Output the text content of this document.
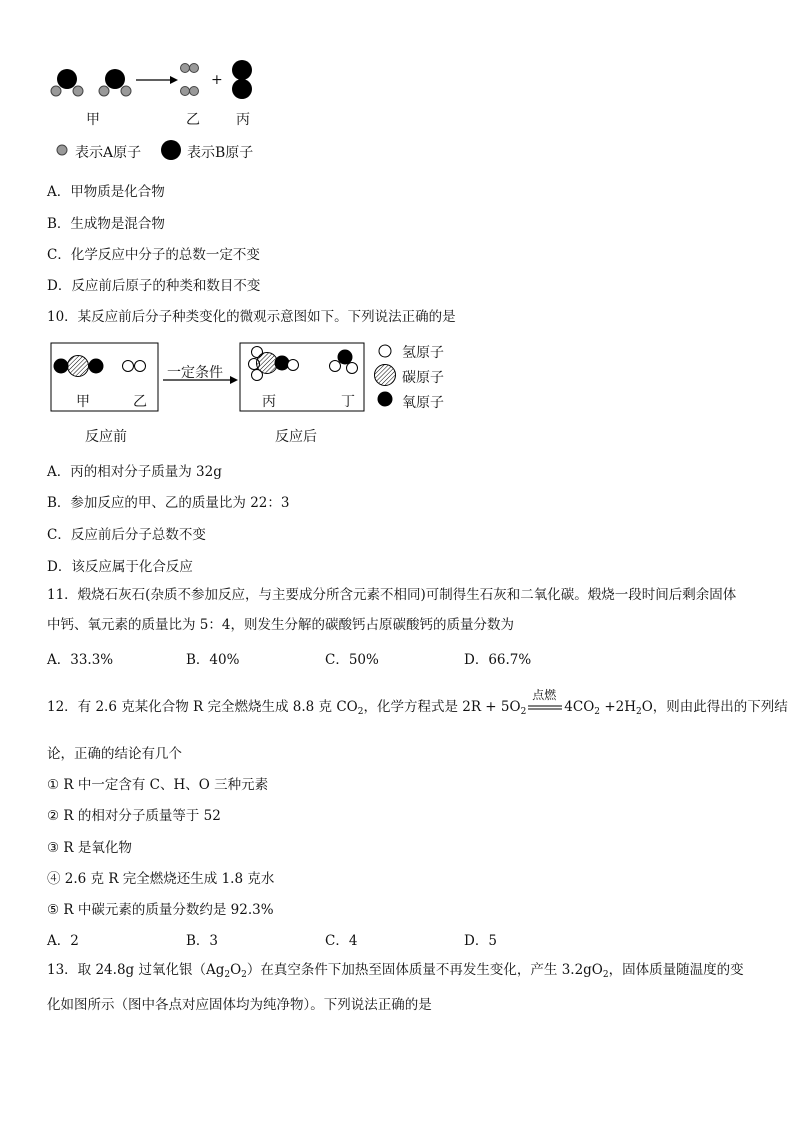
+
甲	乙	丙
表示A原子	表示B原子
A．甲物质是化合物
B．生成物是混合物
C．化学反应中分子的总数一定不变
D．反应前后原子的种类和数目不变
10．某反应前后分子种类变化的微观示意图如下。下列说法正确的是
甲	乙
一定条件
丙	丁
氢原子
碳原子
氧原子
反应前	反应后
A．丙的相对分子质量为 32g
B．参加反应的甲、乙的质量比为 22：3
C．反应前后分子总数不变
D．该反应属于化合反应
11．煅烧石灰石(杂质不参加反应，与主要成分所含元素不相同)可制得生石灰和二氧化碳。煅烧一段时间后剩余固体中钙、氧元素的质量比为 5：4，则发生分解的碳酸钙占原碳酸钙的质量分数为
A．33.3%	B．40%	C．50%	D．66.7%
12．有 2.6 克某化合物 R 完全燃烧生成 8.8 克 $CO_2$，化学方程式是 $2R + 5O_2$
点燃
$4CO_2 +2H_2O$，则由此得出的下列结
论，正确的结论有几个
① R 中一定含有 C、H、O 三种元素
② R 的相对分子质量等于 52
③ R 是氧化物
④ 2.6 克 R 完全燃烧还生成 1.8 克水
⑤ R 中碳元素的质量分数约是 92.3%
A．2	B．3	C．4	D．5
13．取 24.8g 过氧化银$(Ag_2O_2)$在真空条件下加热至固体质量不再发生变化，产生 $3.2gO_2$，固体质量随温度的变化如图所示（图中各点对应固体均为纯净物）。下列说法正确的是
